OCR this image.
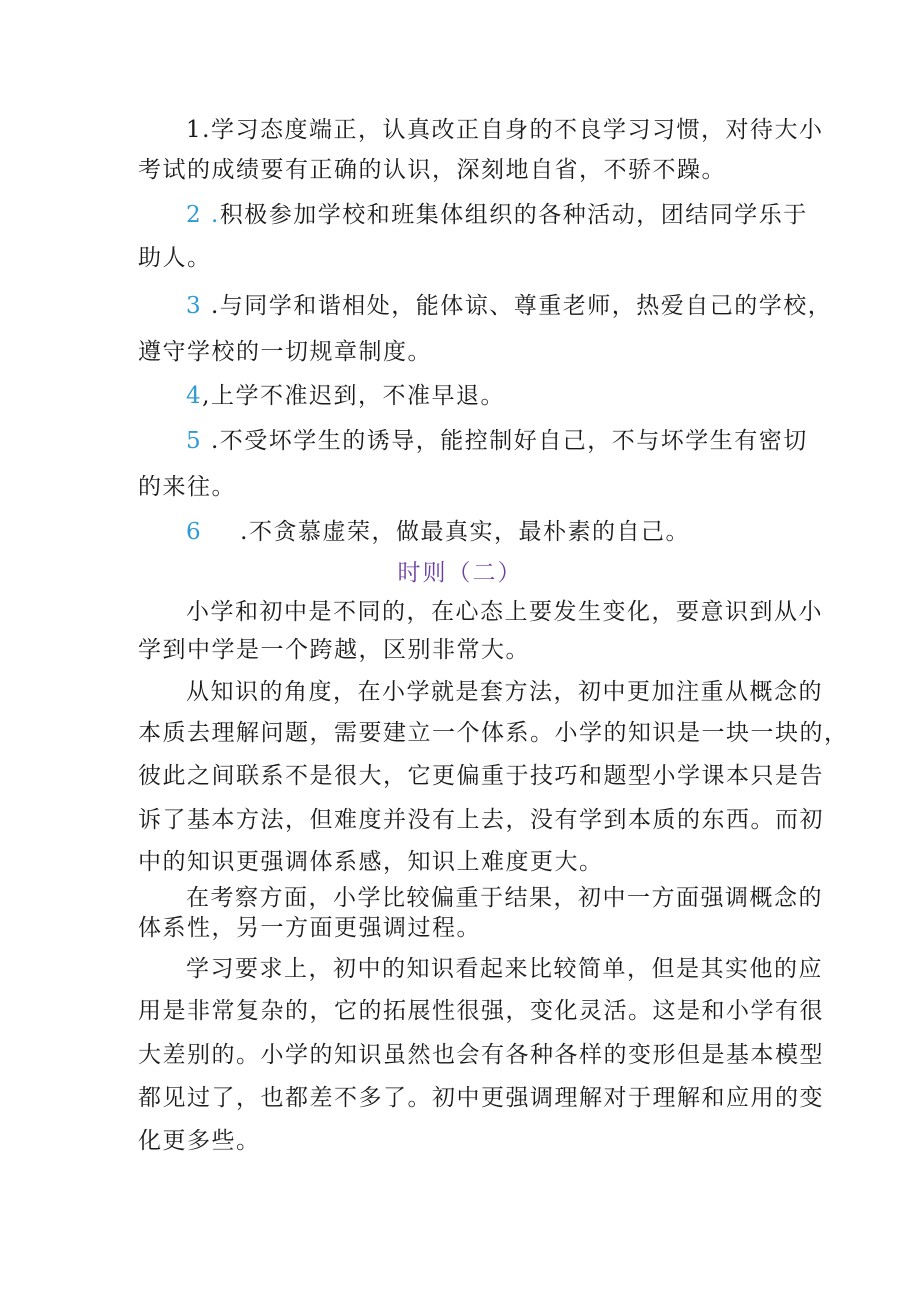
1.学习态度端正，认真改正自身的不良学习习惯，对待大小
考试的成绩要有正确的认识，深刻地自省，不骄不躁。
2 .积极参加学校和班集体组织的各种活动，团结同学乐于
助人。
3 .与同学和谐相处，能体谅、尊重老师，热爱自己的学校，
遵守学校的一切规章制度。
4,上学不准迟到，不准早退。
5 .不受坏学生的诱导，能控制好自己，不与坏学生有密切
的来往。
6 .不贪慕虚荣，做最真实，最朴素的自己。
时则（二）
小学和初中是不同的，在心态上要发生变化，要意识到从小
学到中学是一个跨越，区别非常大。
从知识的角度，在小学就是套方法，初中更加注重从概念的
本质去理解问题，需要建立一个体系。小学的知识是一块一块的，
彼此之间联系不是很大，它更偏重于技巧和题型小学课本只是告
诉了基本方法，但难度并没有上去，没有学到本质的东西。而初
中的知识更强调体系感，知识上难度更大。
在考察方面，小学比较偏重于结果，初中一方面强调概念的
体系性，另一方面更强调过程。
学习要求上，初中的知识看起来比较简单，但是其实他的应
用是非常复杂的，它的拓展性很强，变化灵活。这是和小学有很
大差别的。小学的知识虽然也会有各种各样的变形但是基本模型
都见过了，也都差不多了。初中更强调理解对于理解和应用的变
化更多些。
